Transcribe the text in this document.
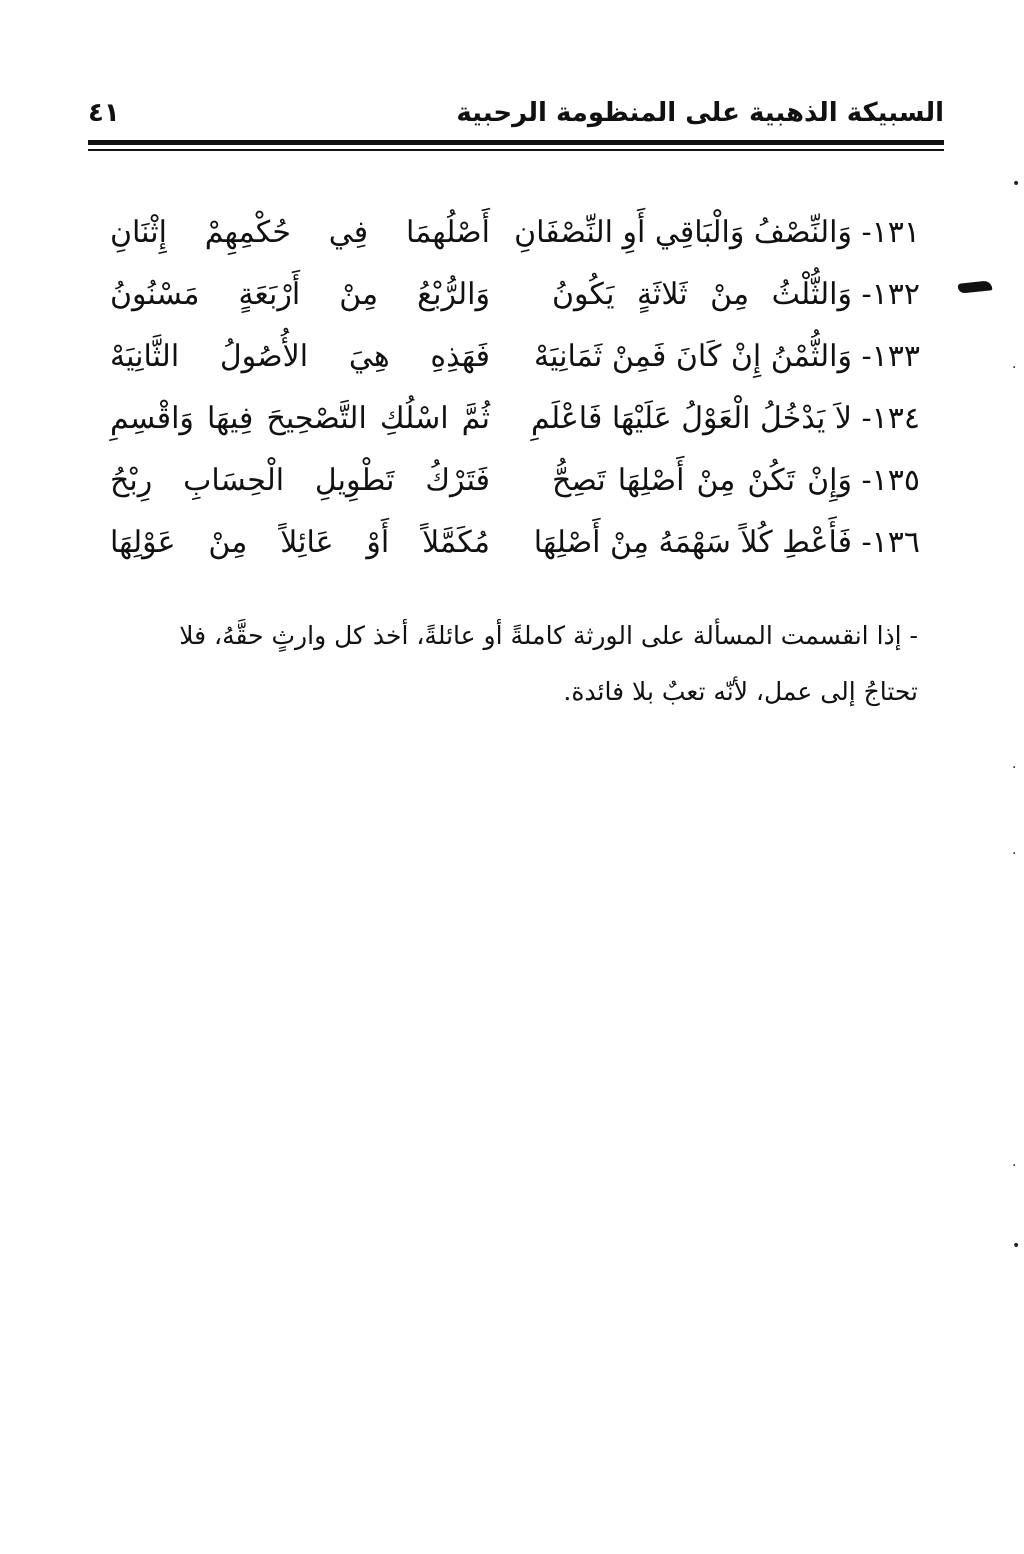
السبيكة الذهبية على المنظومة الرحبية
٤١
١٣١-
وَالنِّصْفُ وَالْبَاقِي أَوِ النِّصْفَانِ
أَصْلُهمَا فِي حُكْمِهِمْ إِثْنَانِ
١٣٢-
وَالثُّلْثُ مِنْ ثَلاثَةٍ يَكُونُ
وَالرُّبْعُ مِنْ أَرْبَعَةٍ مَسْنُونُ
١٣٣-
وَالثُّمْنُ إِنْ كَانَ فَمِنْ ثَمَانِيَهْ
فَهَذِهِ هِيَ الأُصُولُ الثَّانِيَهْ
١٣٤-
لاَ يَدْخُلُ الْعَوْلُ عَلَيْهَا فَاعْلَمِ
ثُمَّ اسْلُكِ التَّصْحِيحَ فِيهَا وَاقْسِمِ
١٣٥-
وَإِنْ تَكُنْ مِنْ أَصْلِهَا تَصِحُّ
فَتَرْكُ تَطْوِيلِ الْحِسَابِ رِبْحُ
١٣٦-
فَأَعْطِ كُلاً سَهْمَهُ مِنْ أَصْلِهَا
مُكَمَّلاً أَوْ عَائِلاً مِنْ عَوْلِهَا

- إذا انقسمت المسألة على الورثة كاملةً أو عائلةً، أخذ كل وارثٍ حقَّهُ، فلا

تحتاجُ إلى عمل، لأنّه تعبٌ بلا فائدة.

•
·
·
·
·
•
